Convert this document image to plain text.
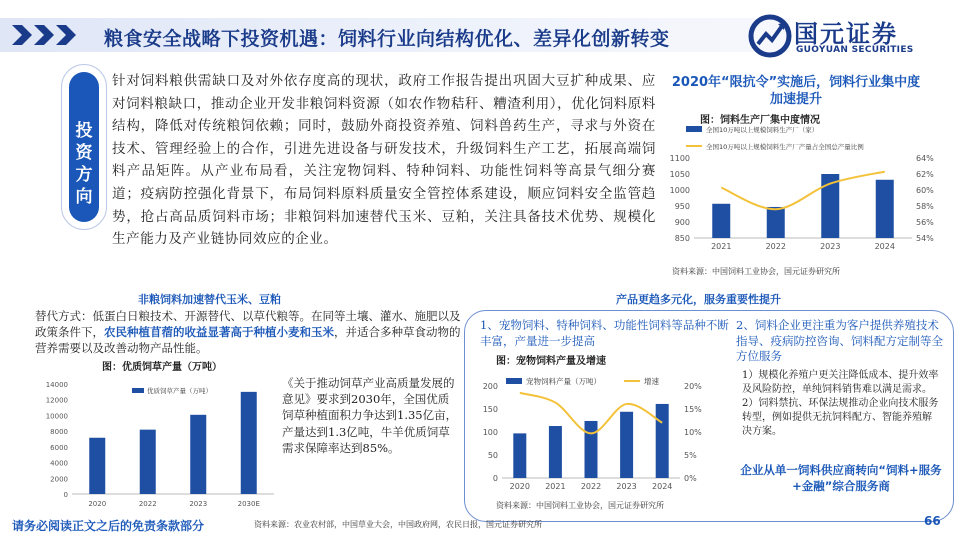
粮食安全战略下投资机遇：饲料行业向结构优化、差异化创新转变	国元证券
GUOYUAN SECURITIES
投
资
方
向
针对饲料粮供需缺口及对外依存度高的现状，政府工作报告提出巩固大豆扩种成果、应对饲料粮缺口，推动企业开发非粮饲料资源（如农作物秸秆、糟渣利用），优化饲料原料结构，降低对传统粮饲依赖；同时，鼓励外商投资养殖、饲料兽药生产，寻求与外资在技术、管理经验上的合作，引进先进设备与研发技术，升级饲料生产工艺，拓展高端饲料产品矩阵。从产业布局看，关注宠物饲料、特种饲料、功能性饲料等高景气细分赛道；疫病防控强化背景下，布局饲料原料质量安全管控体系建设，顺应饲料安全监管趋势，抢占高品质饲料市场；非粮饲料加速替代玉米、豆粕，关注具备技术优势、规模化生产能力及产业链协同效应的企业。
2020年“限抗令”实施后，饲料行业集中度加速提升
图：饲料生产厂集中度情况
全国10万吨以上规模饲料生产厂（家）
全国10万吨以上规模饲料生产厂产量占全国总产量比例
850
900
950
1000
1050
1100
54%
56%
58%
60%
62%
64%
2021	2022	2023	2024
资料来源：中国饲料工业协会，国元证券研究所
非粮饲料加速替代玉米、豆粕	产品更趋多元化，服务重要性提升
替代方式：低蛋白日粮技术、开源替代、以草代粮等。在同等土壤、灌水、施肥以及政策条件下，农民种植苜蓿的收益显著高于种植小麦和玉米，并适合多种草食动物的营养需要以及改善动物产品性能。
图：优质饲草产量（万吨）
优质饲草产量（万吨）
0
2000
4000
6000
8000
10000
12000
14000
2020	2022	2023	2030E
《关于推动饲草产业高质量发展的意见》要求到2030年，全国优质饲草种植面积力争达到1.35亿亩，产量达到1.3亿吨，牛羊优质饲草需求保障率达到85%。
1、宠物饲料、特种饲料、功能性饲料等品种不断丰富，产量进一步提高
2、饲料企业更注重为客户提供养殖技术指导、疫病防控咨询、饲料配方定制等全方位服务
图：宠物饲料产量及增速
宠物饲料产量（万吨）	增速
0
50
100
150
200
0%
5%
10%
15%
20%
2020 2021 2022 2023 2024
资料来源：中国饲料工业协会，国元证券研究所
1）规模化养殖户更关注降低成本、提升效率及风险防控，单纯饲料销售难以满足需求。
2）饲料禁抗、环保法规推动企业向技术服务转型，例如提供无抗饲料配方、智能养殖解决方案。
企业从单一饲料供应商转向“饲料+服务+金融”综合服务商
请务必阅读正文之后的免责条款部分	资料来源：农业农村部，中国草业大会，中国政府网，农民日报，国元证券研究所	66
